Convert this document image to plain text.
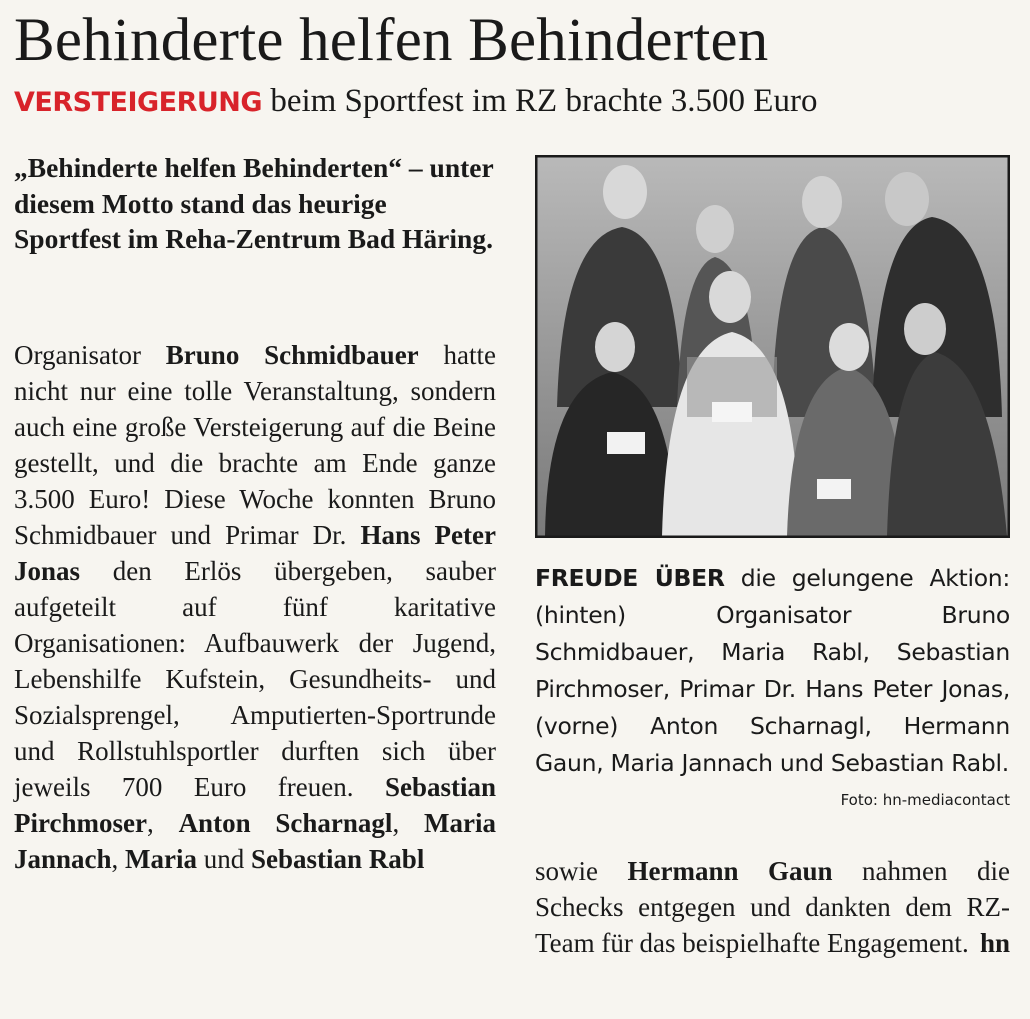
Behinderte helfen Behinderten
VERSTEIGERUNG beim Sportfest im RZ brachte 3.500 Euro
„Behinderte helfen Behinderten“ – unter diesem Motto stand das heurige Sportfest im Reha-Zentrum Bad Häring.

Organisator Bruno Schmidbauer hatte nicht nur eine tolle Veranstaltung, sondern auch eine große Versteigerung auf die Beine gestellt, und die brachte am Ende ganze 3.500 Euro! Diese Woche konnten Bruno Schmidbauer und Primar Dr. Hans Peter Jonas den Erlös übergeben, sauber aufgeteilt auf fünf karitative Organisationen: Aufbauwerk der Jugend, Lebenshilfe Kufstein, Gesundheits- und Sozialsprengel, Amputierten-Sportrunde und Rollstuhlsportler durften sich über jeweils 700 Euro freuen. Sebastian Pirchmoser, Anton Scharnagl, Maria Jannach, Maria und Sebastian Rabl

FREUDE ÜBER die gelungene Aktion: (hinten) Organisator Bruno Schmidbauer, Maria Rabl, Sebastian Pirchmoser, Primar Dr. Hans Peter Jonas, (vorne) Anton Scharnagl, Hermann Gaun, Maria Jannach und Sebastian Rabl.
Foto: hn-mediacontact

sowie Hermann Gaun nahmen die Schecks entgegen und dankten dem RZ-Team für das beispielhafte Engagement. hn
